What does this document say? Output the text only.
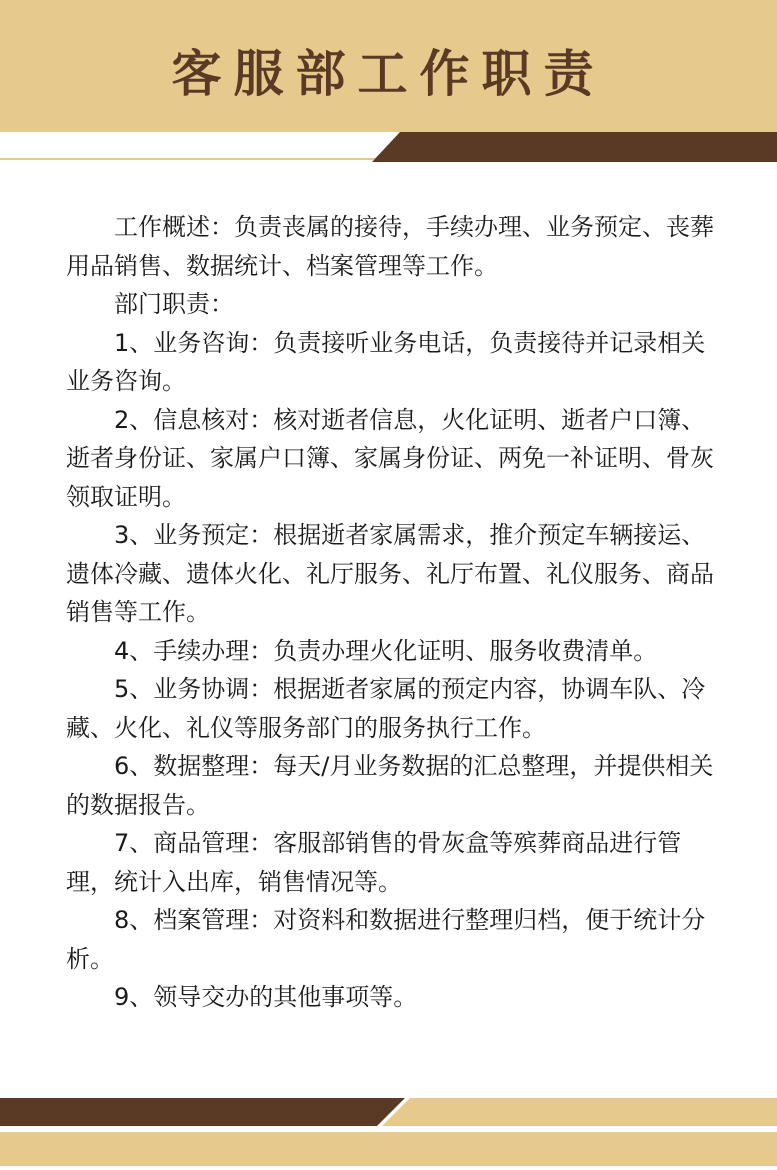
客服部工作职责

工作概述：负责丧属的接待，手续办理、业务预定、丧葬用品销售、数据统计、档案管理等工作。

部门职责：

1、业务咨询：负责接听业务电话，负责接待并记录相关业务咨询。

2、信息核对：核对逝者信息，火化证明、逝者户口簿、逝者身份证、家属户口簿、家属身份证、两免一补证明、骨灰领取证明。

3、业务预定：根据逝者家属需求，推介预定车辆接运、遗体冷藏、遗体火化、礼厅服务、礼厅布置、礼仪服务、商品销售等工作。

4、手续办理：负责办理火化证明、服务收费清单。

5、业务协调：根据逝者家属的预定内容，协调车队、冷藏、火化、礼仪等服务部门的服务执行工作。

6、数据整理：每天/月业务数据的汇总整理，并提供相关的数据报告。

7、商品管理：客服部销售的骨灰盒等殡葬商品进行管理，统计入出库，销售情况等。

8、档案管理：对资料和数据进行整理归档，便于统计分析。

9、领导交办的其他事项等。
